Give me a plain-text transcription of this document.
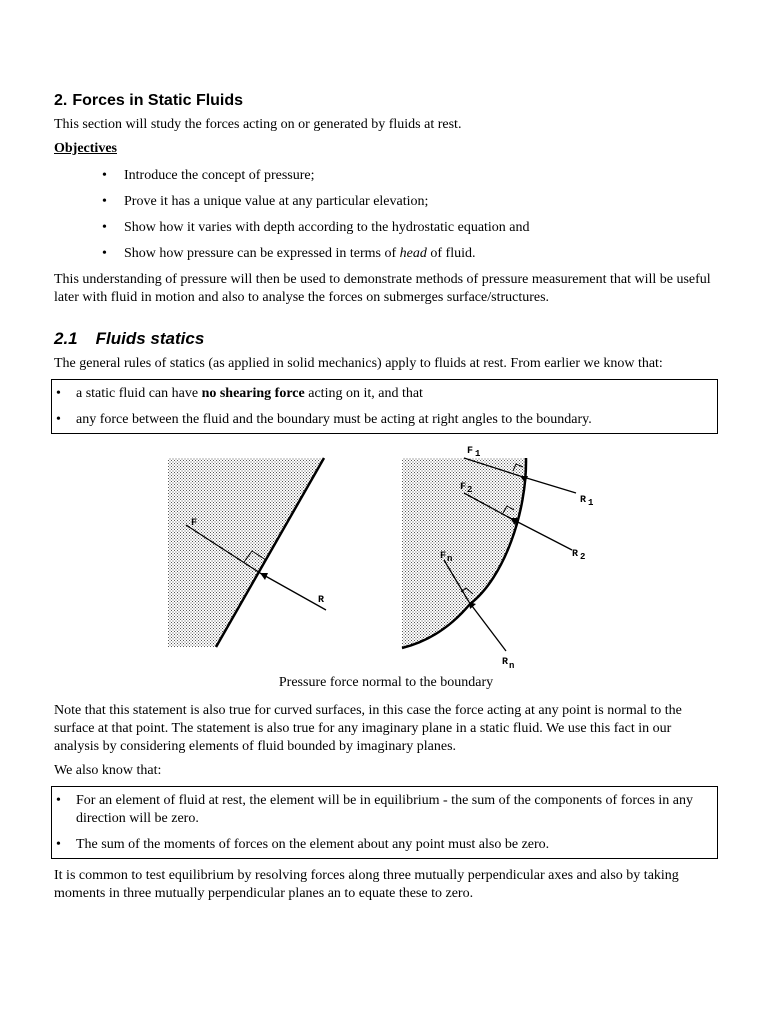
2. Forces in Static Fluids

This section will study the forces acting on or generated by fluids at rest.

Objectives

• Introduce the concept of pressure;
• Prove it has a unique value at any particular elevation;
• Show how it varies with depth according to the hydrostatic equation and
• Show how pressure can be expressed in terms of head of fluid.

This understanding of pressure will then be used to demonstrate methods of pressure measurement that will be useful later with fluid in motion and also to analyse the forces on submerges surface/structures.

2.1 Fluids statics

The general rules of statics (as applied in solid mechanics) apply to fluids at rest. From earlier we know that:

• a static fluid can have no shearing force acting on it, and that
• any force between the fluid and the boundary must be acting at right angles to the boundary.
F
R
F 1
F2
Fn
R 1
R 2
Rn

Pressure force normal to the boundary

Note that this statement is also true for curved surfaces, in this case the force acting at any point is normal to the surface at that point. The statement is also true for any imaginary plane in a static fluid. We use this fact in our analysis by considering elements of fluid bounded by imaginary planes.

We also know that:

• For an element of fluid at rest, the element will be in equilibrium - the sum of the components of forces in any direction will be zero.
• The sum of the moments of forces on the element about any point must also be zero.

It is common to test equilibrium by resolving forces along three mutually perpendicular axes and also by taking moments in three mutually perpendicular planes an to equate these to zero.
